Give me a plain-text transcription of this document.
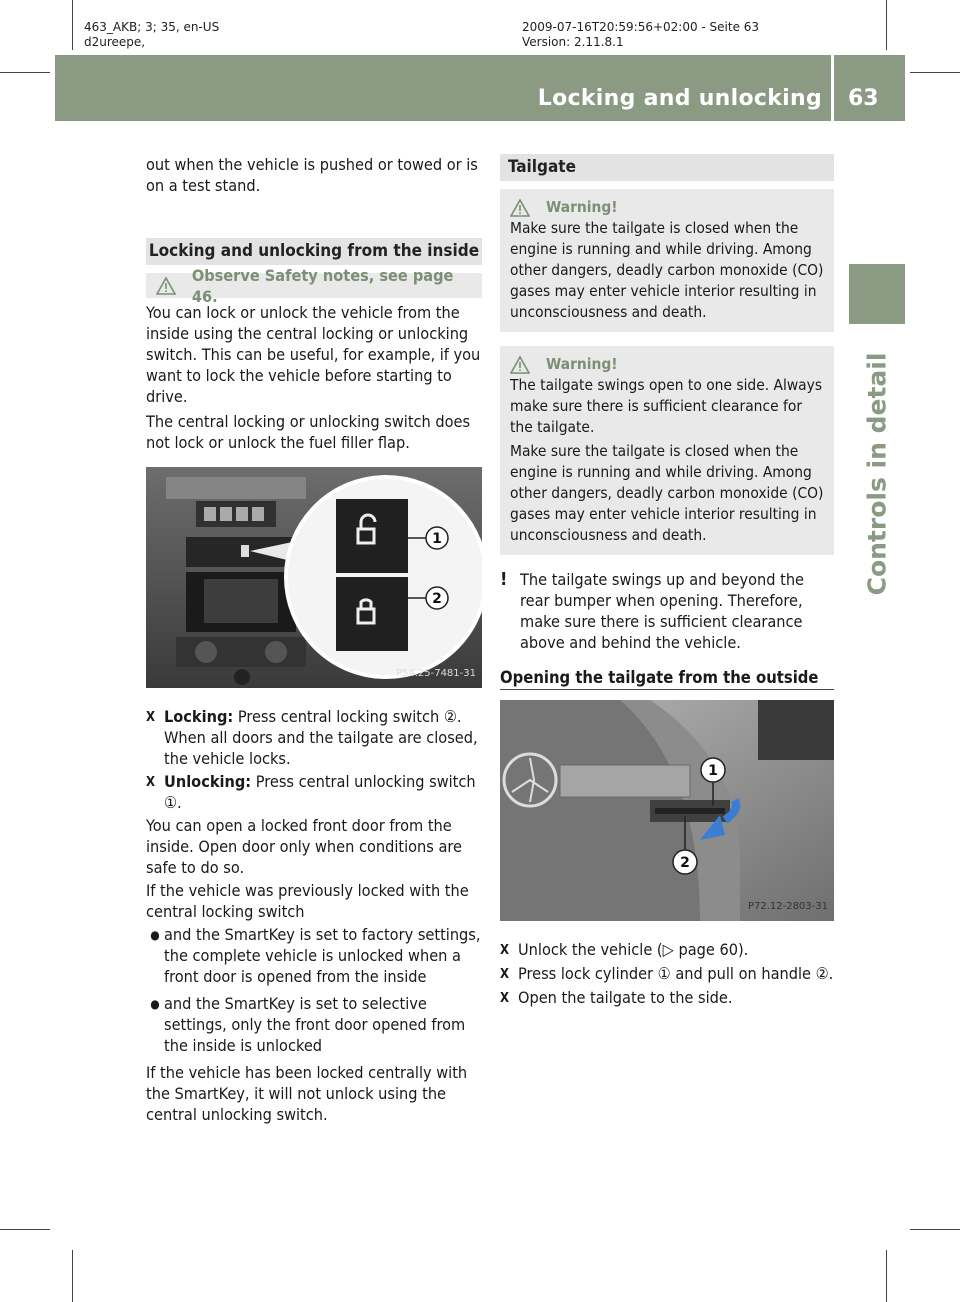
463_AKB; 3; 35, en-US
d2ureepe,
2009-07-16T20:59:56+02:00 - Seite 63
Version: 2.11.8.1
Locking and unlocking 63
Controls in detail

out when the vehicle is pushed or towed or is on a test stand.

Locking and unlocking from the inside
Observe Safety notes, see page 46.

You can lock or unlock the vehicle from the inside using the central locking or unlocking switch. This can be useful, for example, if you want to lock the vehicle before starting to drive.

The central locking or unlocking switch does not lock or unlock the fuel filler flap.

1
2
P54.25-7481-31
X Locking: Press central locking switch ②. When all doors and the tailgate are closed, the vehicle locks.
X Unlocking: Press central unlocking switch ①.

You can open a locked front door from the inside. Open door only when conditions are safe to do so.

If the vehicle was previously locked with the central locking switch

● and the SmartKey is set to factory settings, the complete vehicle is unlocked when a front door is opened from the inside
● and the SmartKey is set to selective settings, only the front door opened from the inside is unlocked

If the vehicle has been locked centrally with the SmartKey, it will not unlock using the central unlocking switch.

Tailgate
Warning!

Make sure the tailgate is closed when the engine is running and while driving. Among other dangers, deadly carbon monoxide (CO) gases may enter vehicle interior resulting in unconsciousness and death.

Warning!

The tailgate swings open to one side. Always make sure there is sufficient clearance for the tailgate.

Make sure the tailgate is closed when the engine is running and while driving. Among other dangers, deadly carbon monoxide (CO) gases may enter vehicle interior resulting in unconsciousness and death.

! The tailgate swings up and beyond the rear bumper when opening. Therefore, make sure there is sufficient clearance above and behind the vehicle.
Opening the tailgate from the outside
1
2
P72.12-2803-31
X Unlock the vehicle (▷ page 60).
X Press lock cylinder ① and pull on handle ②.
X Open the tailgate to the side.
